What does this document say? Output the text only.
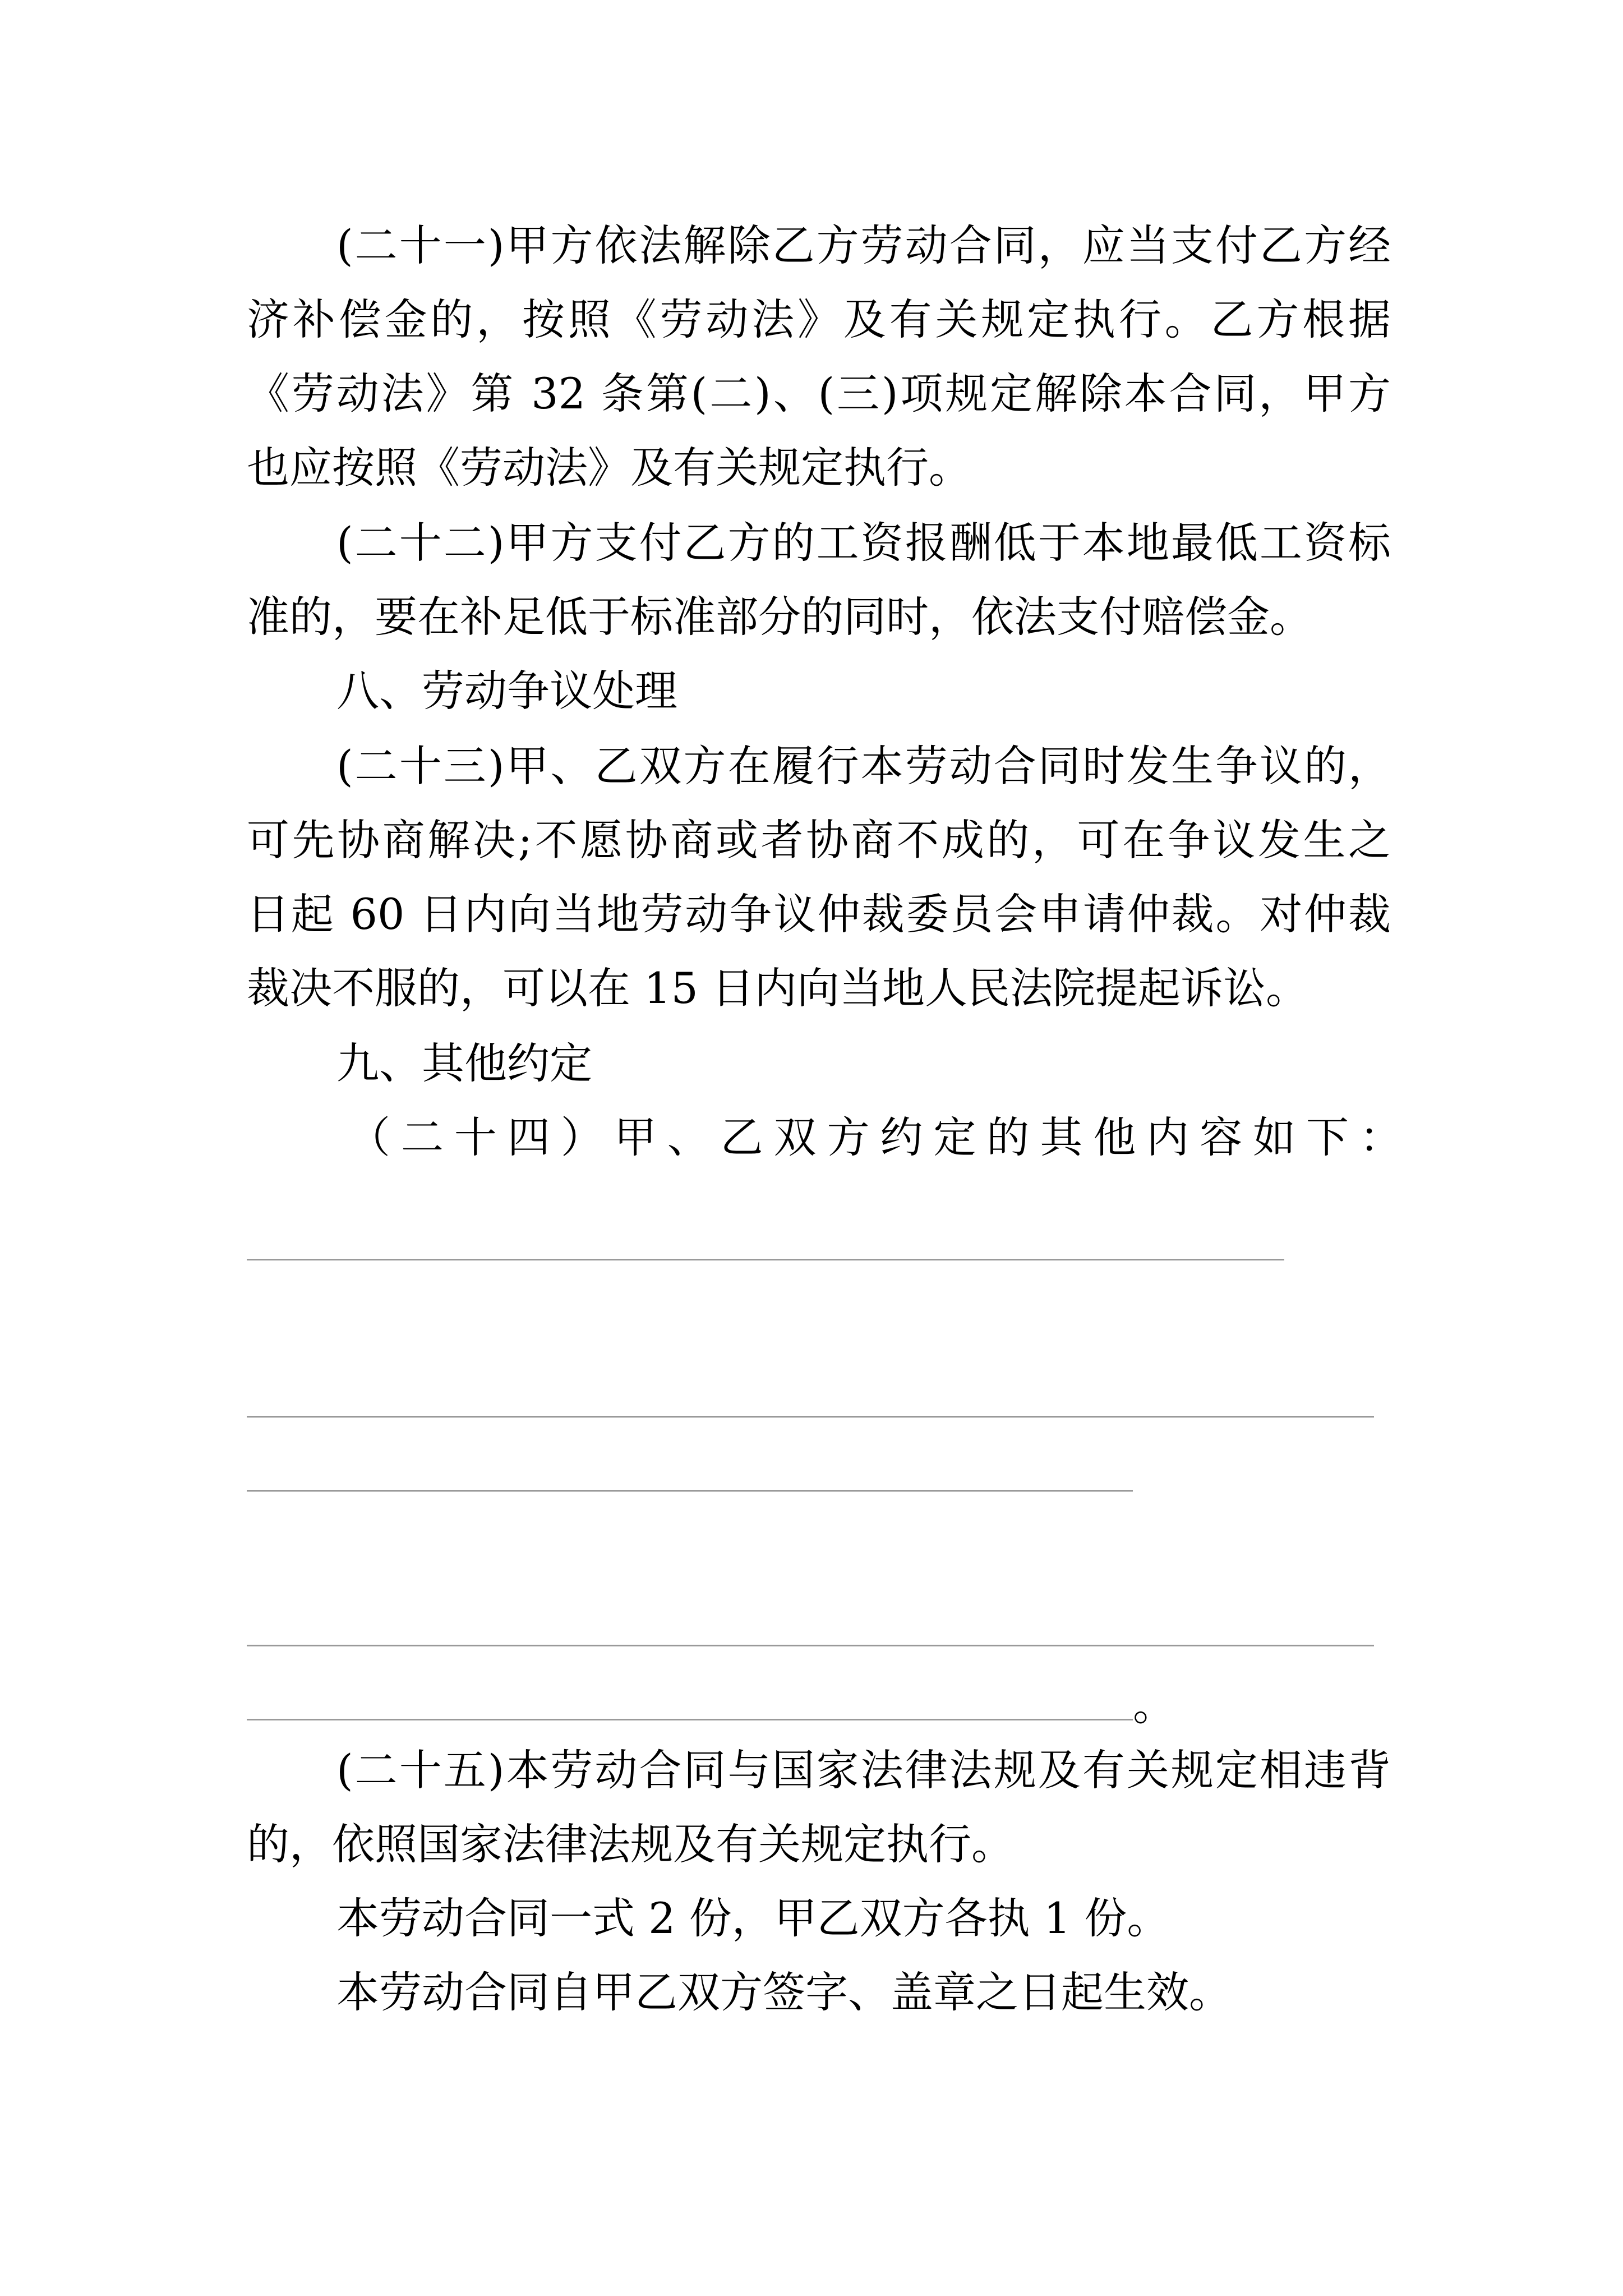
(二十一)甲方依法解除乙方劳动合同，应当支付乙方经
济补偿金的，按照《劳动法》及有关规定执行。乙方根据
《劳动法》第 32 条第(二)、(三)项规定解除本合同，甲方
也应按照《劳动法》及有关规定执行。
(二十二)甲方支付乙方的工资报酬低于本地最低工资标
准的，要在补足低于标准部分的同时，依法支付赔偿金。
八、劳动争议处理
(二十三)甲、乙双方在履行本劳动合同时发生争议的，
可先协商解决;不愿协商或者协商不成的，可在争议发生之
日起 60 日内向当地劳动争议仲裁委员会申请仲裁。对仲裁
裁决不服的，可以在 15 日内向当地人民法院提起诉讼。
九、其他约定
（二十四）甲、乙双方约定的其他内容如下：
。
(二十五)本劳动合同与国家法律法规及有关规定相违背
的，依照国家法律法规及有关规定执行。
本劳动合同一式 2 份，甲乙双方各执 1 份。
本劳动合同自甲乙双方签字、盖章之日起生效。
